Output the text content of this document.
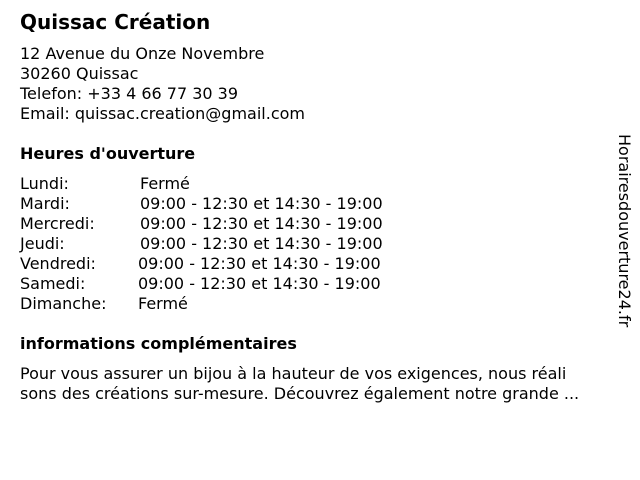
Quissac Création
12 Avenue du Onze Novembre
30260 Quissac
Telefon: +33 4 66 77 30 39
Email: quissac.creation@gmail.com
Heures d'ouverture
Lundi:	Fermé
Mardi:	09:00 - 12:30 et 14:30 - 19:00
Mercredi:	09:00 - 12:30 et 14:30 - 19:00
Jeudi:	09:00 - 12:30 et 14:30 - 19:00
Vendredi:	09:00 - 12:30 et 14:30 - 19:00
Samedi:	09:00 - 12:30 et 14:30 - 19:00
Dimanche: Fermé
informations complémentaires
Pour vous assurer un bijou à la hauteur de vos exigences, nous réali
sons des créations sur-mesure. Découvrez également notre grande ...
Horairesdouverture24.fr
